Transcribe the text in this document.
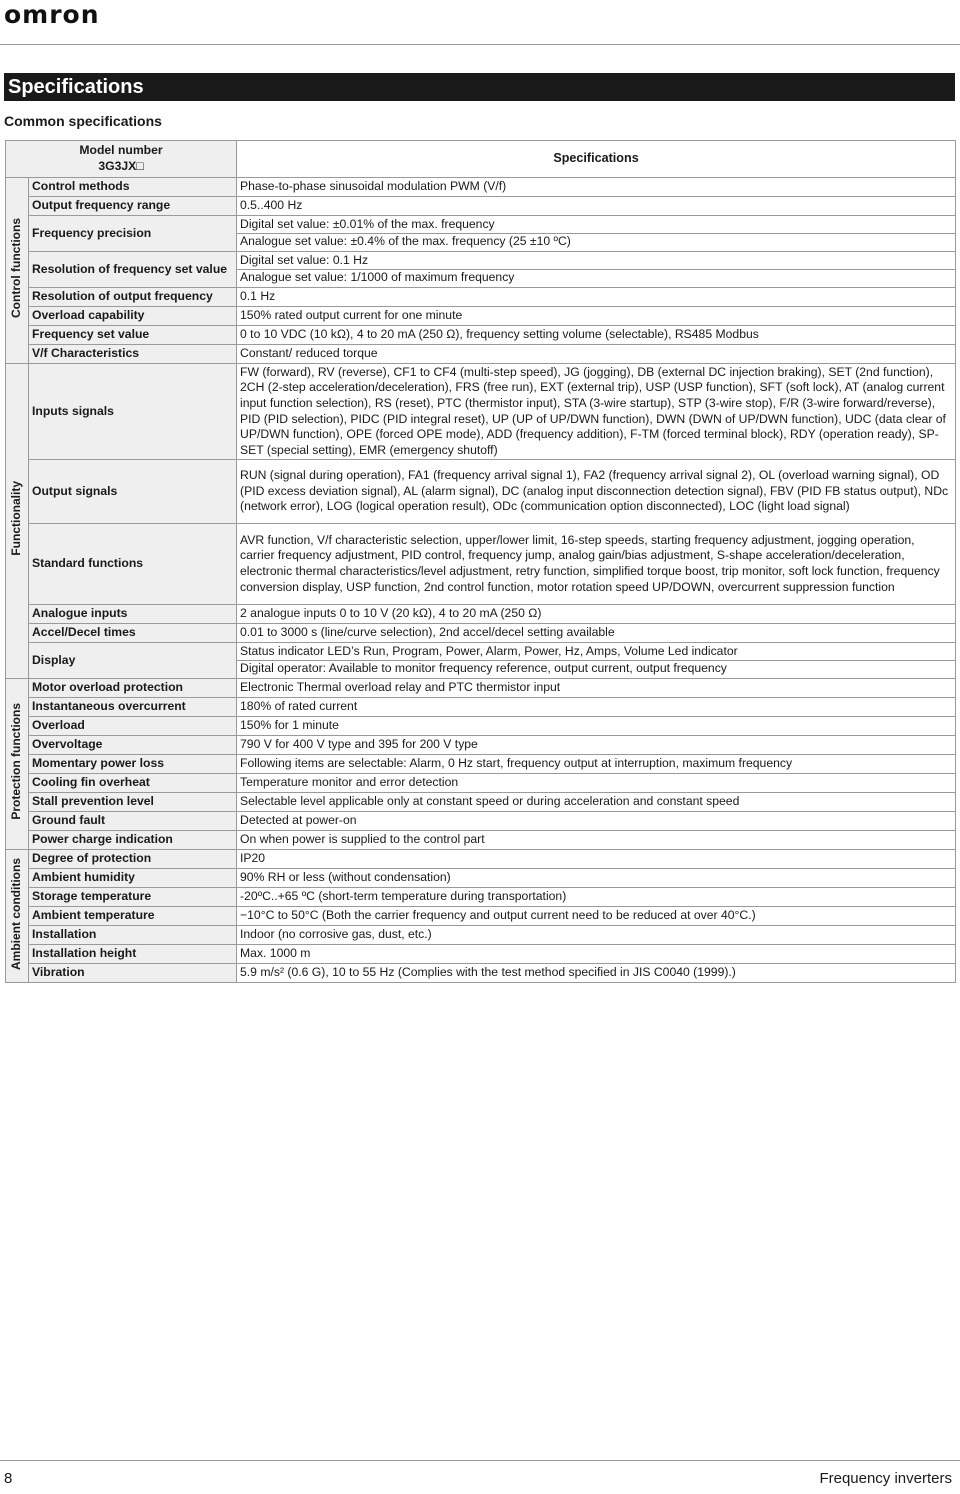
omron
Specifications
Common specifications
Model number
3G3JX□		Specifications
Control functions	Control methods	Phase-to-phase sinusoidal modulation PWM (V/f)
	Output frequency range	0.5..400 Hz
	Frequency precision	Digital set value: ±0.01% of the max. frequency
Analogue set value: ±0.4% of the max. frequency (25 ±10 ºC)

	Resolution of frequency set value	Digital set value: 0.1 Hz
Analogue set value: 1/1000 of maximum frequency

	Resolution of output frequency	0.1 Hz
	Overload capability	150% rated output current for one minute
	Frequency set value	0 to 10 VDC (10 kΩ), 4 to 20 mA (250 Ω), frequency setting volume (selectable), RS485 Modbus
	V/f Characteristics	Constant/ reduced torque
Functionality	Inputs signals	FW (forward), RV (reverse), CF1 to CF4 (multi-step speed), JG (jogging), DB (external DC injection braking), SET (2nd function), 2CH (2-step acceleration/deceleration), FRS (free run), EXT (external trip), USP (USP function), SFT (soft lock), AT (analog current input function selection), RS (reset), PTC (thermistor input), STA (3-wire startup), STP (3-wire stop), F/R (3-wire forward/reverse), PID (PID selection), PIDC (PID integral reset), UP (UP of UP/DWN function), DWN (DWN of UP/DWN function), UDC (data clear of UP/DWN function), OPE (forced OPE mode), ADD (frequency addition), F-TM (forced terminal block), RDY (operation ready), SP-SET (special setting), EMR (emergency shutoff)
	Output signals	RUN (signal during operation), FA1 (frequency arrival signal 1), FA2 (frequency arrival signal 2), OL (overload warning signal), OD (PID excess deviation signal), AL (alarm signal), DC (analog input disconnection detection signal), FBV (PID FB status output), NDc (network error), LOG (logical operation result), ODc (communication option disconnected), LOC (light load signal)
	Standard functions	AVR function, V/f characteristic selection, upper/lower limit, 16-step speeds, starting frequency adjustment, jogging operation, carrier frequency adjustment, PID control, frequency jump, analog gain/bias adjustment, S-shape acceleration/deceleration, electronic thermal characteristics/level adjustment, retry function, simplified torque boost, trip monitor, soft lock function, frequency conversion display, USP function, 2nd control function, motor rotation speed UP/DOWN, overcurrent suppression function
	Analogue inputs	2 analogue inputs 0 to 10 V (20 kΩ), 4 to 20 mA (250 Ω)
	Accel/Decel times	0.01 to 3000 s (line/curve selection), 2nd accel/decel setting available
	Display	Status indicator LED’s Run, Program, Power, Alarm, Power, Hz, Amps, Volume Led indicator
Digital operator: Available to monitor frequency reference, output current, output frequency

Protection functions	Motor overload protection	Electronic Thermal overload relay and PTC thermistor input
	Instantaneous overcurrent	180% of rated current
	Overload	150% for 1 minute
	Overvoltage	790 V for 400 V type and 395 for 200 V type
	Momentary power loss	Following items are selectable: Alarm, 0 Hz start, frequency output at interruption, maximum frequency
	Cooling fin overheat	Temperature monitor and error detection
	Stall prevention level	Selectable level applicable only at constant speed or during acceleration and constant speed
	Ground fault	Detected at power-on
	Power charge indication	On when power is supplied to the control part
Ambient conditions	Degree of protection	IP20
	Ambient humidity	90% RH or less (without condensation)
	Storage temperature	-20ºC..+65 ºC (short-term temperature during transportation)
	Ambient temperature	−10°C to 50°C (Both the carrier frequency and output current need to be reduced at over 40°C.)
	Installation	Indoor (no corrosive gas, dust, etc.)
	Installation height	Max. 1000 m
	Vibration	5.9 m/s² (0.6 G), 10 to 55 Hz (Complies with the test method specified in JIS C0040 (1999).)
8	Frequency inverters
